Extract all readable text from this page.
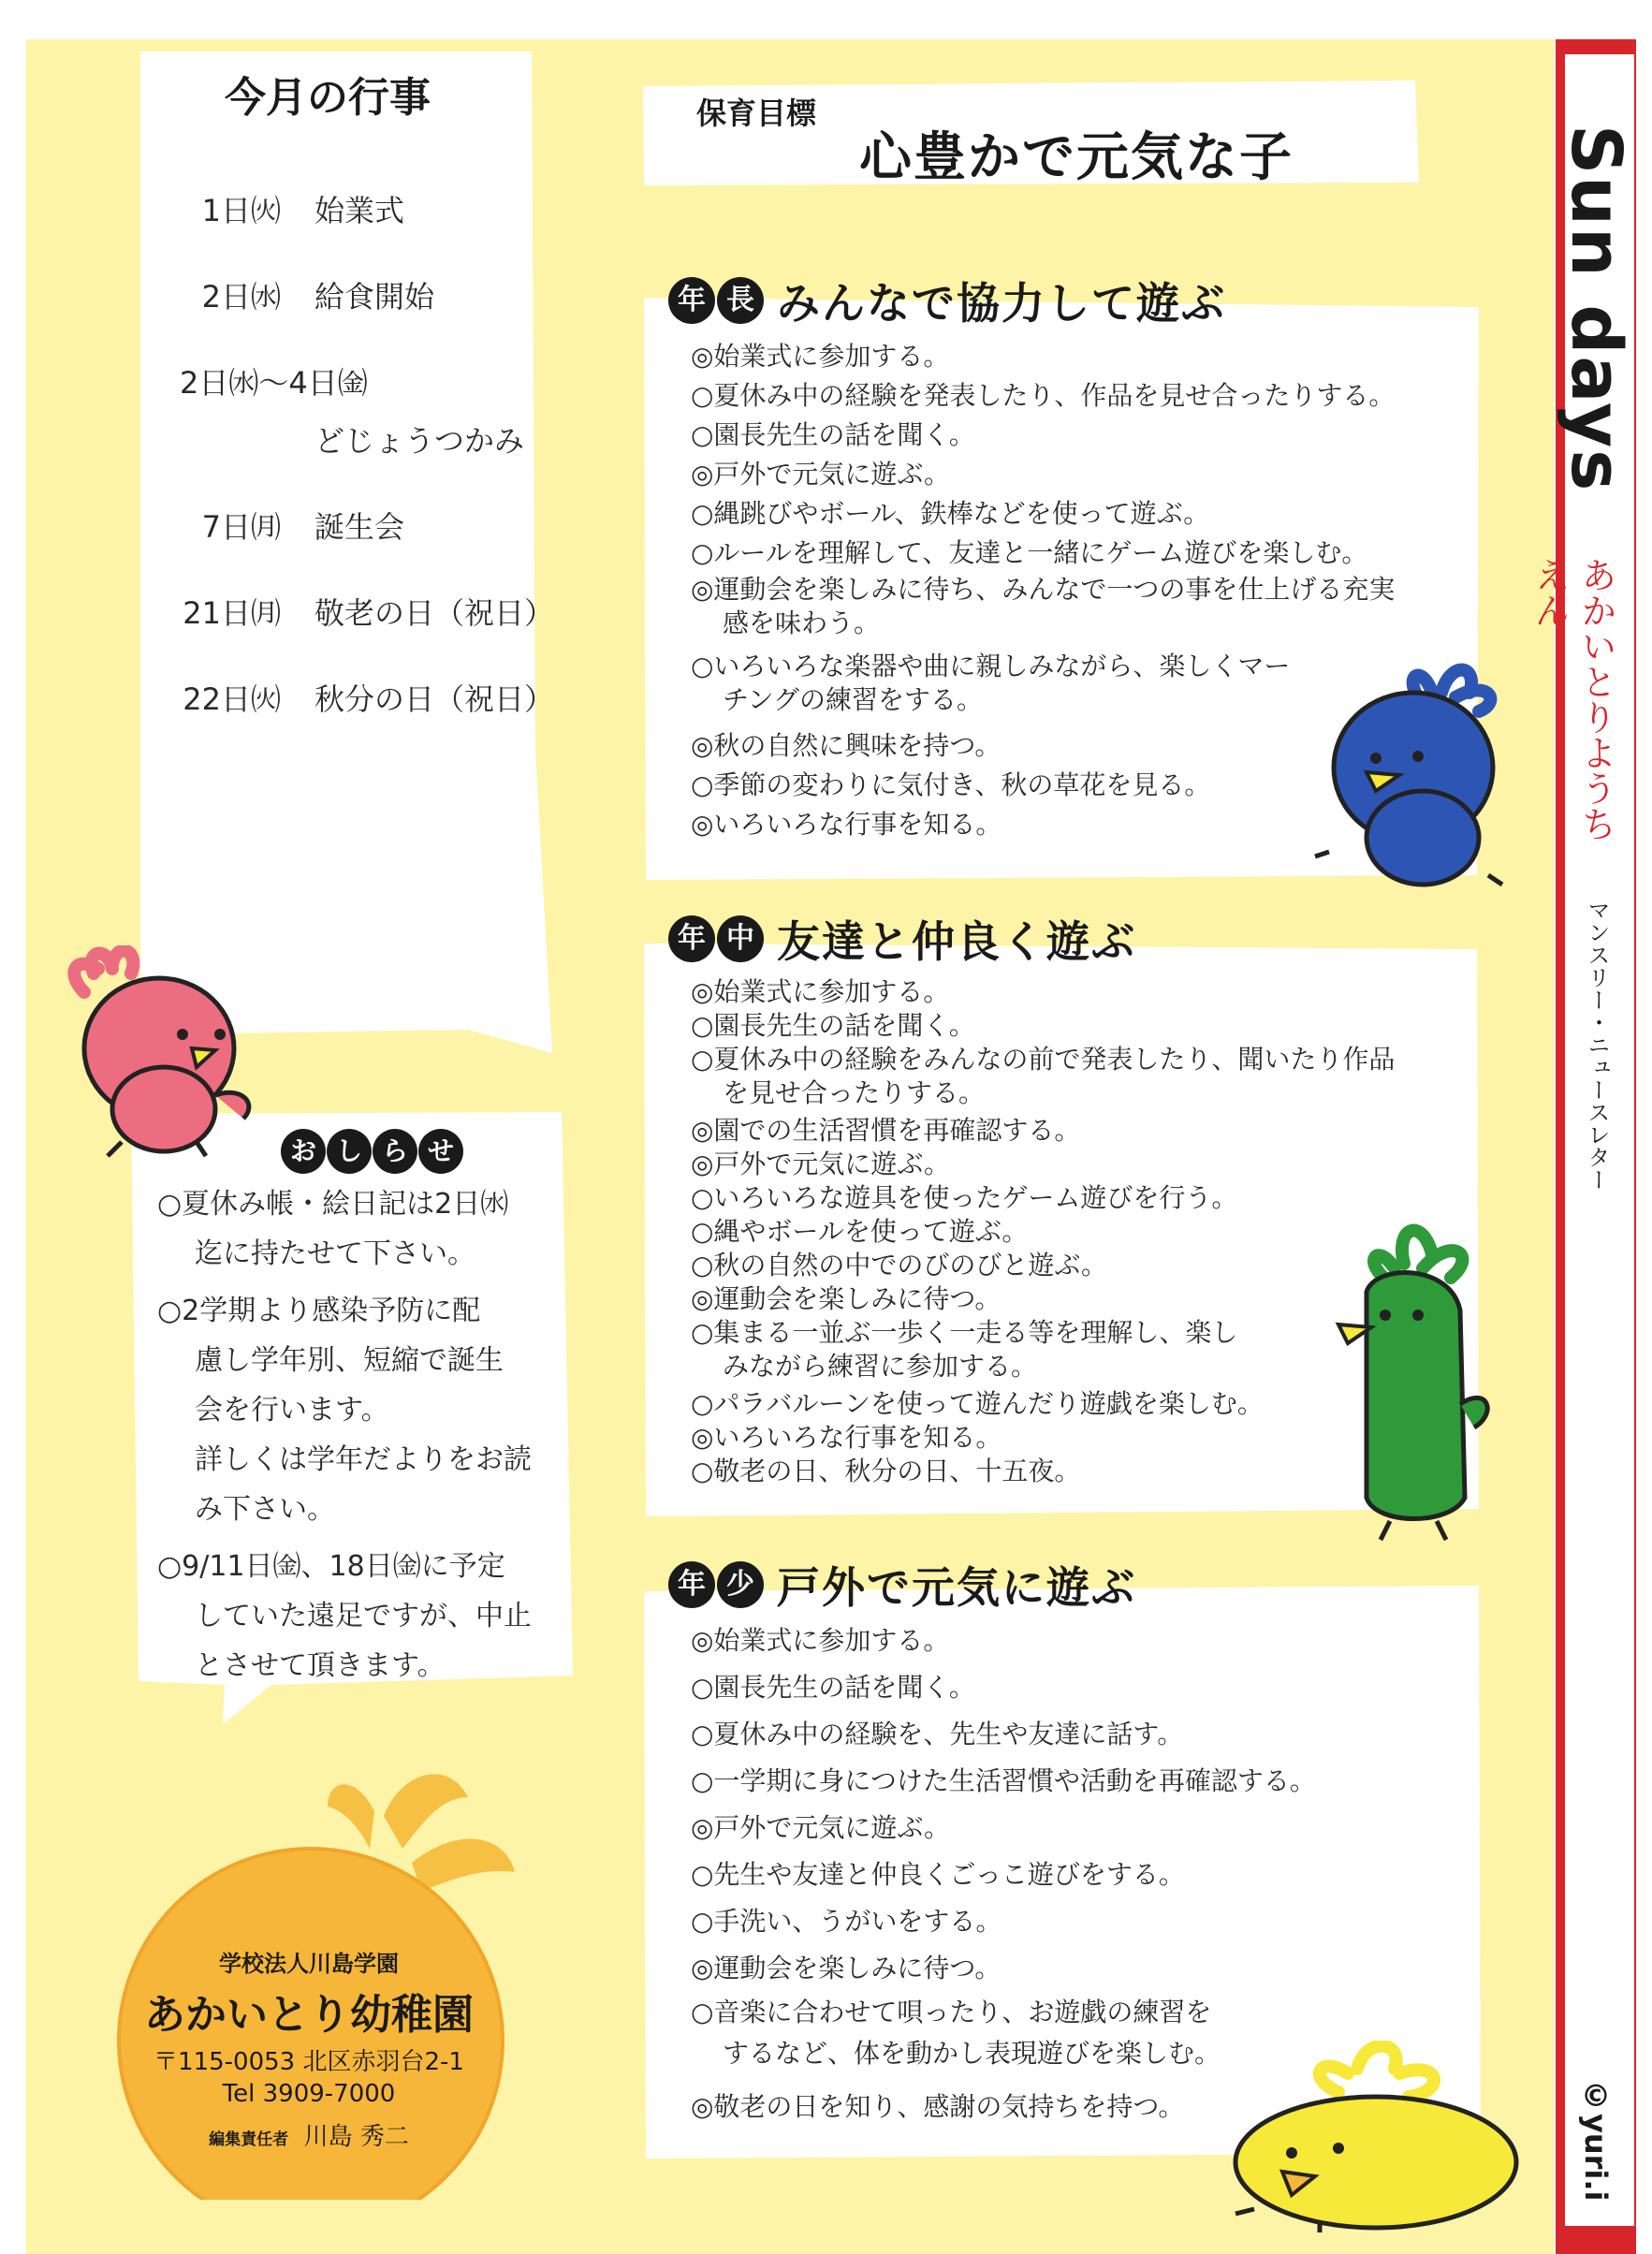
Sun days
あかいとりようちえん
マンスリー・ニュースレター
©yuri.i
今月の行事
1日㈫ 始業式
2日㈬ 給食開始
2日㈬～4日㈮
どじょうつかみ
7日㈪ 誕生会
21日㈪ 敬老の日（祝日）
22日㈫ 秋分の日（祝日）
保育目標
心豊かで元気な子
年 長 みんなで協力して遊ぶ
◎始業式に参加する。
○夏休み中の経験を発表したり、作品を見せ合ったりする。
○園長先生の話を聞く。
◎戸外で元気に遊ぶ。
○縄跳びやボール、鉄棒などを使って遊ぶ。
○ルールを理解して、友達と一緒にゲーム遊びを楽しむ。
◎運動会を楽しみに待ち、みんなで一つの事を仕上げる充実
感を味わう。
○いろいろな楽器や曲に親しみながら、楽しくマー
チングの練習をする。
◎秋の自然に興味を持つ。
○季節の変わりに気付き、秋の草花を見る。
◎いろいろな行事を知る。
年 中 友達と仲良く遊ぶ
◎始業式に参加する。
○園長先生の話を聞く。
○夏休み中の経験をみんなの前で発表したり、聞いたり作品
を見せ合ったりする。
◎園での生活習慣を再確認する。
◎戸外で元気に遊ぶ。
○いろいろな遊具を使ったゲーム遊びを行う。
○縄やボールを使って遊ぶ。
○秋の自然の中でのびのびと遊ぶ。
◎運動会を楽しみに待つ。
○集まる一並ぶ一歩く一走る等を理解し、楽し
みながら練習に参加する。
○パラバルーンを使って遊んだり遊戯を楽しむ。
◎いろいろな行事を知る。
○敬老の日、秋分の日、十五夜。
年 少 戸外で元気に遊ぶ
◎始業式に参加する。
○園長先生の話を聞く。
○夏休み中の経験を、先生や友達に話す。
○一学期に身につけた生活習慣や活動を再確認する。
◎戸外で元気に遊ぶ。
○先生や友達と仲良くごっこ遊びをする。
○手洗い、うがいをする。
◎運動会を楽しみに待つ。
○音楽に合わせて唄ったり、お遊戯の練習を
するなど、体を動かし表現遊びを楽しむ。
◎敬老の日を知り、感謝の気持ちを持つ。
お し ら せ
○夏休み帳・絵日記は2日㈬
迄に持たせて下さい。
○2学期より感染予防に配
慮し学年別、短縮で誕生
会を行います。
詳しくは学年だよりをお読
み下さい。
○9/11日㈮、18日㈮に予定
していた遠足ですが、中止
とさせて頂きます。
学校法人川島学園
あかいとり幼稚園
〒115-0053 北区赤羽台2-1
Tel 3909-7000
編集責任者 川島 秀二
